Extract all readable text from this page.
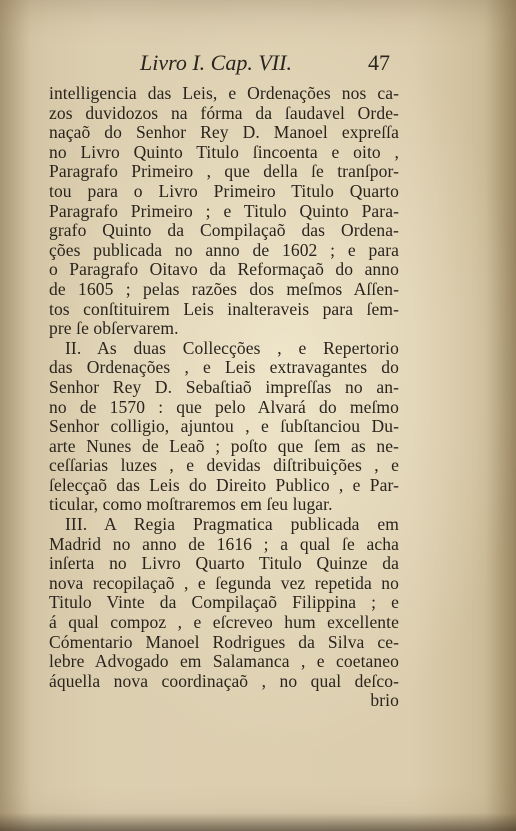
Livro I. Cap. VII.	47
intelligencia das Leis, e Ordenações nos ca-
zos duvidozos na fórma da ſaudavel Orde-
naçaõ do Senhor Rey D. Manoel expreſſa
no Livro Quinto Titulo ſincoenta e oito ,
Paragrafo Primeiro , que della ſe tranſpor-
tou para o Livro Primeiro Titulo Quarto
Paragrafo Primeiro ; e Titulo Quinto Para-
grafo Quinto da Compilaçaõ das Ordena-
ções publicada no anno de 1602 ; e para
o Paragrafo Oitavo da Reformaçaõ do anno
de 1605 ; pelas razões dos meſmos Aſſen-
tos conſtituirem Leis inalteraveis para ſem-
pre ſe obſervarem.
II. As duas Collecções , e Repertorio
das Ordenações , e Leis extravagantes do
Senhor Rey D. Sebaſtiaõ impreſſas no an-
no de 1570 : que pelo Alvará do meſmo
Senhor colligio, ajuntou , e ſubſtanciou Du-
arte Nunes de Leaõ ; poſto que ſem as ne-
ceſſarias luzes , e devidas diſtribuições , e
ſelecçaõ das Leis do Direito Publico , e Par-
ticular, como moſtraremos em ſeu lugar.
III. A Regia Pragmatica publicada em
Madrid no anno de 1616 ; a qual ſe acha
inſerta no Livro Quarto Titulo Quinze da
nova recopilaçaõ , e ſegunda vez repetida no
Titulo Vinte da Compilaçaõ Filippina ; e
á qual compoz , e eſcreveo hum excellente
Cómentario Manoel Rodrigues da Silva ce-
lebre Advogado em Salamanca , e coetaneo
áquella nova coordinaçaõ , no qual deſco-
brio
